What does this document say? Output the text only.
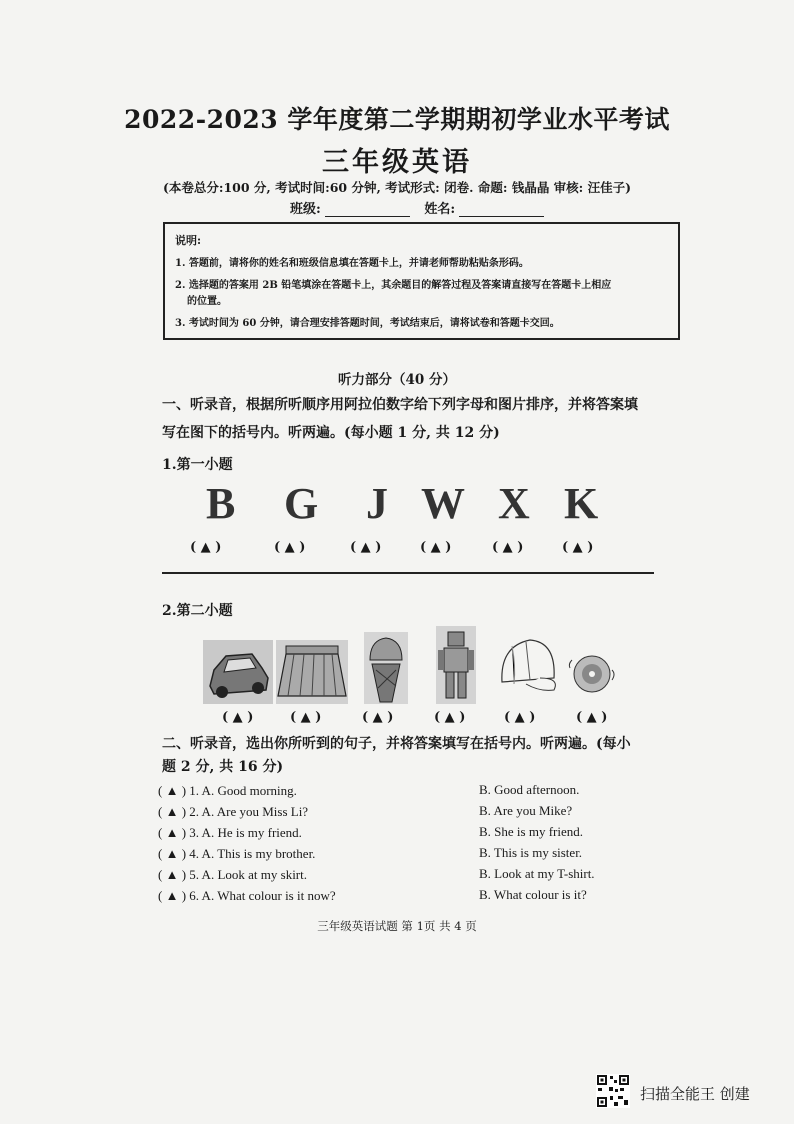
2022-2023 学年度第二学期期初学业水平考试
三年级英语
(本卷总分:100 分, 考试时间:60 分钟, 考试形式: 闭卷. 命题: 钱晶晶 审核: 汪佳子)
班级:	姓名:
说明:
1. 答题前，请将你的姓名和班级信息填在答题卡上，并请老师帮助粘贴条形码。
2. 选择题的答案用 2B 铅笔填涂在答题卡上，其余题目的解答过程及答案请直接写在答题卡上相应
的位置。
3. 考试时间为 60 分钟，请合理安排答题时间，考试结束后，请将试卷和答题卡交回。
听力部分（40 分）
一、听录音，根据所听顺序用阿拉伯数字给下列字母和图片排序，并将答案填
写在图下的括号内。听两遍。(每小题 1 分, 共 12 分)
1.第一小题
B G J W X K
( ▲ )	( ▲ )	( ▲ )	( ▲ )	( ▲ )	( ▲ )
2.第二小题
( ▲ )	( ▲ )	( ▲ )	( ▲ )	( ▲ )	( ▲ )
二、听录音，选出你所听到的句子，并将答案填写在括号内。听两遍。(每小
题 2 分, 共 16 分)
( ▲ ) 1. A. Good morning.	B. Good afternoon.
( ▲ ) 2. A. Are you Miss Li?	B. Are you Mike?
( ▲ ) 3. A. He is my friend.	B. She is my friend.
( ▲ ) 4. A. This is my brother.	B. This is my sister.
( ▲ ) 5. A. Look at my skirt.	B. Look at my T-shirt.
( ▲ ) 6. A. What colour is it now?	B. What colour is it?
三年级英语试题 第 1页 共 4 页
扫描全能王 创建
